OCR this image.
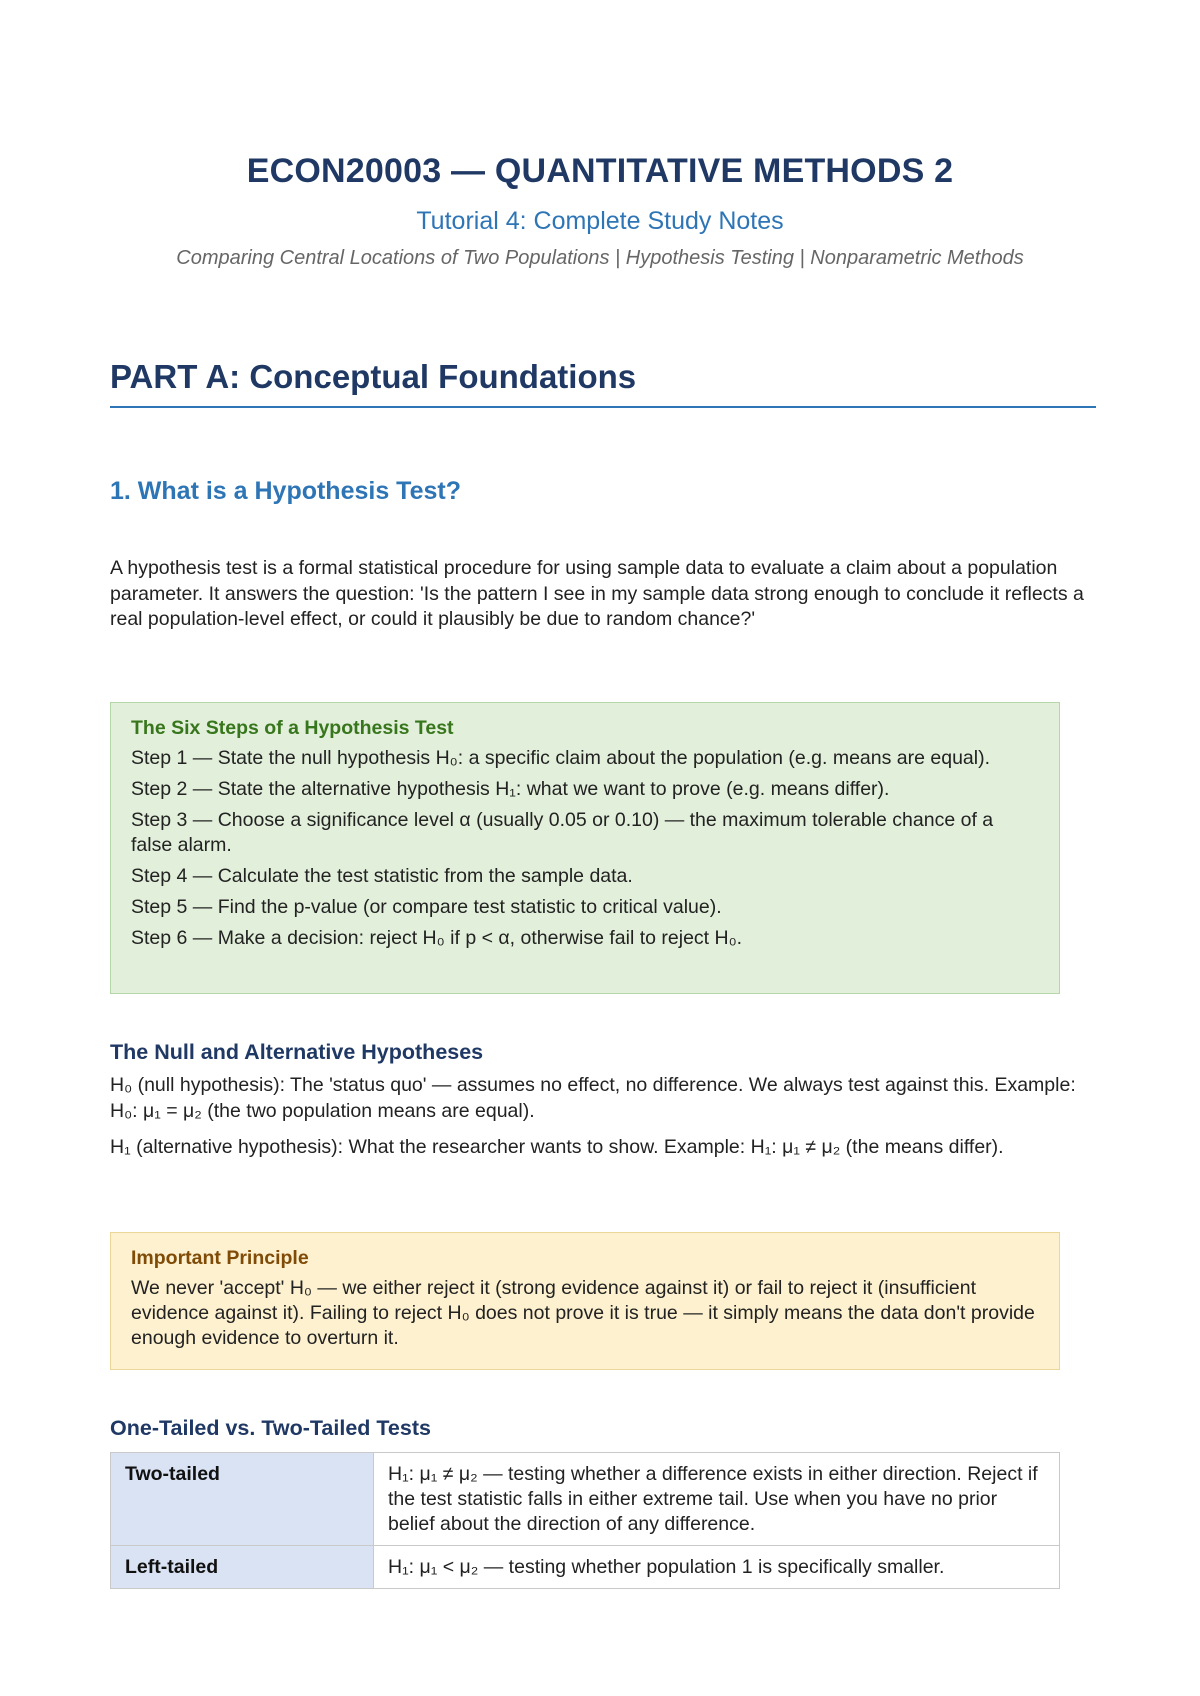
ECON20003 — QUANTITATIVE METHODS 2
Tutorial 4: Complete Study Notes
Comparing Central Locations of Two Populations | Hypothesis Testing | Nonparametric Methods
PART A: Conceptual Foundations
1. What is a Hypothesis Test?
A hypothesis test is a formal statistical procedure for using sample data to evaluate a claim about a population parameter. It answers the question: 'Is the pattern I see in my sample data strong enough to conclude it reflects a real population-level effect, or could it plausibly be due to random chance?'
The Six Steps of a Hypothesis Test
Step 1 — State the null hypothesis H₀: a specific claim about the population (e.g. means are equal).
Step 2 — State the alternative hypothesis H₁: what we want to prove (e.g. means differ).
Step 3 — Choose a significance level α (usually 0.05 or 0.10) — the maximum tolerable chance of a false alarm.
Step 4 — Calculate the test statistic from the sample data.
Step 5 — Find the p-value (or compare test statistic to critical value).
Step 6 — Make a decision: reject H₀ if p < α, otherwise fail to reject H₀.
The Null and Alternative Hypotheses
H₀ (null hypothesis): The 'status quo' — assumes no effect, no difference. We always test against this. Example: H₀: μ₁ = μ₂ (the two population means are equal).
H₁ (alternative hypothesis): What the researcher wants to show. Example: H₁: μ₁ ≠ μ₂ (the means differ).
Important Principle
We never 'accept' H₀ — we either reject it (strong evidence against it) or fail to reject it (insufficient evidence against it). Failing to reject H₀ does not prove it is true — it simply means the data don't provide enough evidence to overturn it.
One-Tailed vs. Two-Tailed Tests
Two-tailed	H₁: μ₁ ≠ μ₂ — testing whether a difference exists in either direction. Reject if the test statistic falls in either extreme tail. Use when you have no prior belief about the direction of any difference.
Left-tailed	H₁: μ₁ < μ₂ — testing whether population 1 is specifically smaller.
